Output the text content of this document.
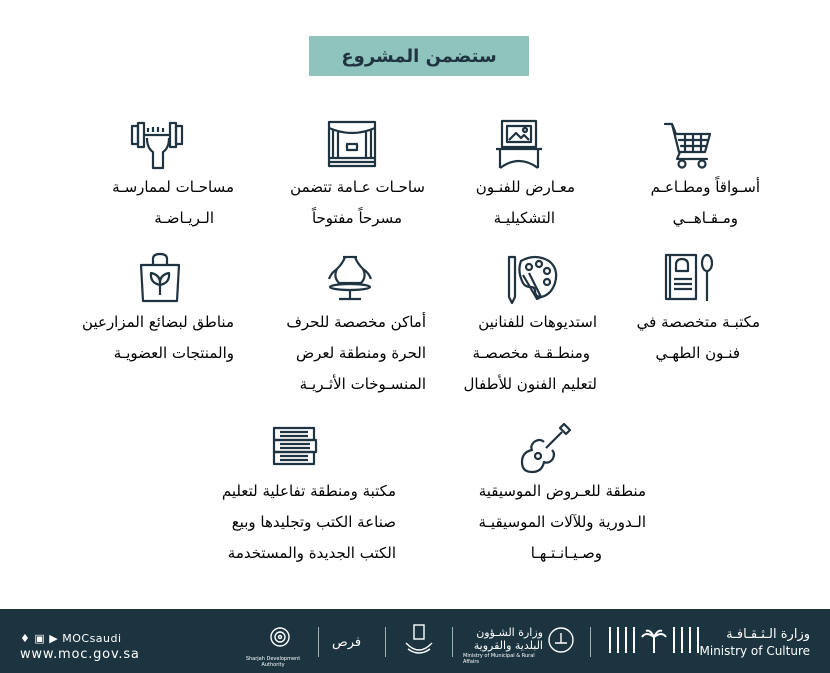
ستضمن المشروع
أسـواقاً ومطـاعـم
ومـقـاهــي
معـارض للفنـون
التشكيليـة
ساحـات عـامة تتضمن
مسرحاً مفتوحاً
مساحـات لممارسـة
الـريـاضـة
مكتبـة متخصصة في
فنـون الطهـي
استديوهات للفنانين
ومنطـقـة مخصصـة
لتعليم الفنون للأطفال
أماكن مخصصة للحرف
الحرة ومنطقة لعرض
المنسـوخات الأثـريـة
مناطق لبضائع المزارعين
والمنتجات العضويـة
منطقة للعـروض الموسيقية
الـدورية وللآلات الموسيقيـة
وصـيـانـتـهـا
مكتبة ومنطقة تفاعلية لتعليم
صناعة الكتب وتجليدها وبيع
الكتب الجديدة والمستخدمة
♦ ▣ ▶ MOCsaudi
www.moc.gov.sa	Sharjah Development Authority
فرص
وزارة الشـؤون البلدية والقروية
Ministry of Municipal & Rural Affairs
وزارة الـثـقـافـة
Ministry of Culture
